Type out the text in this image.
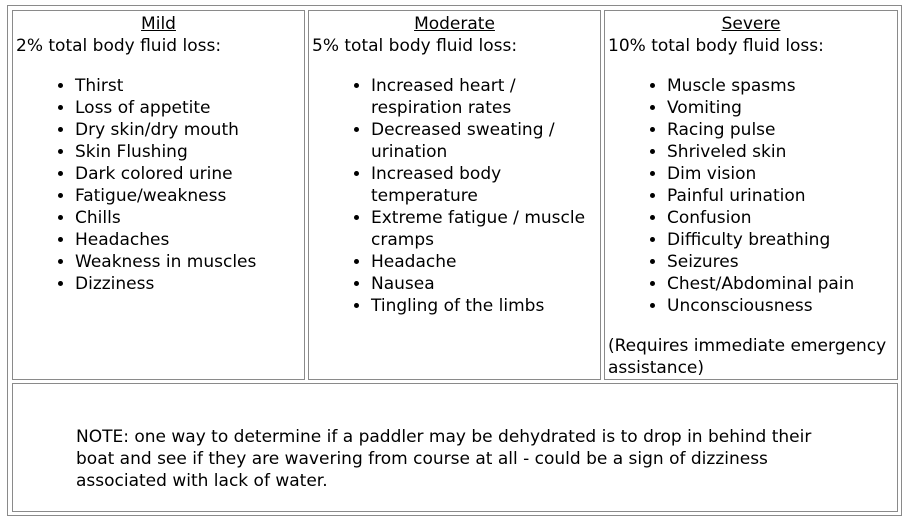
Mild
2% total body fluid loss:
• Thirst
• Loss of appetite
• Dry skin/dry mouth
• Skin Flushing
• Dark colored urine
• Fatigue/weakness
• Chills
• Headaches
• Weakness in muscles
• Dizziness
Moderate
5% total body fluid loss:
• Increased heart / respiration rates
• Decreased sweating / urination
• Increased body temperature
• Extreme fatigue / muscle cramps
• Headache
• Nausea
• Tingling of the limbs
Severe
10% total body fluid loss:
• Muscle spasms
• Vomiting
• Racing pulse
• Shriveled skin
• Dim vision
• Painful urination
• Confusion
• Difficulty breathing
• Seizures
• Chest/Abdominal pain
• Unconsciousness
(Requires immediate emergency assistance)
NOTE: one way to determine if a paddler may be dehydrated is to drop in behind their boat and see if they are wavering from course at all - could be a sign of dizziness associated with lack of water.
